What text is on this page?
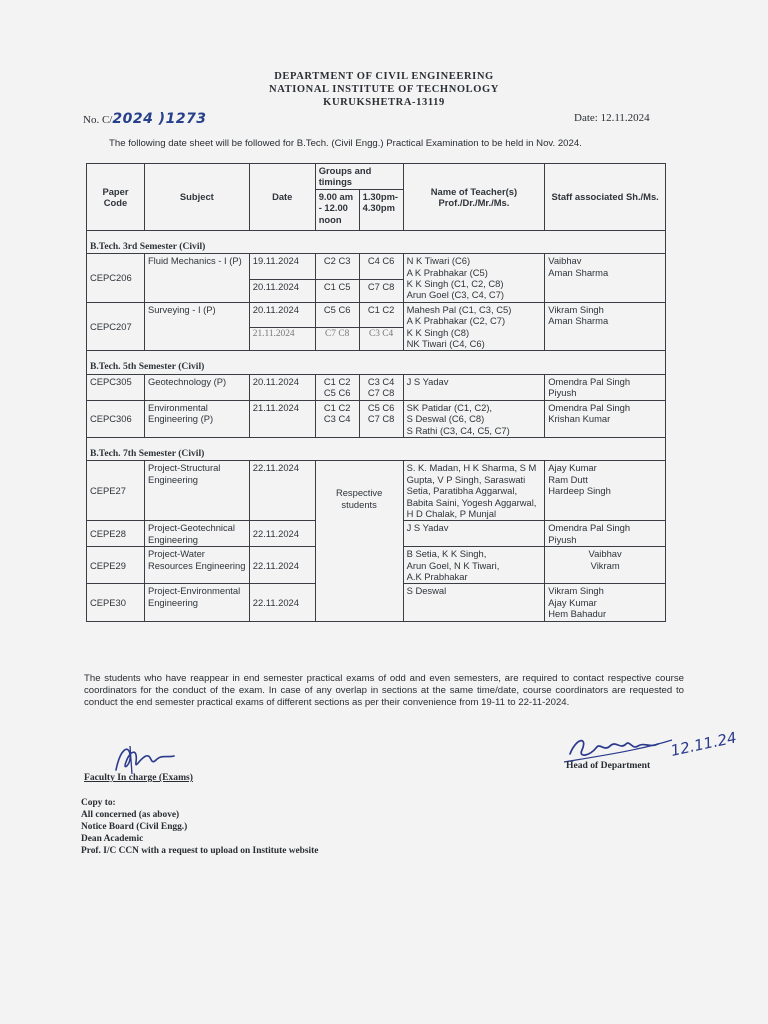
DEPARTMENT OF CIVIL ENGINEERING
NATIONAL INSTITUTE OF TECHNOLOGY
KURUKSHETRA-13119
No. C/2024 )1273	Date: 12.11.2024
The following date sheet will be followed for B.Tech. (Civil Engg.) Practical Examination to be held in Nov. 2024.
Paper Code	Subject	Date	Groups and timings		Name of Teacher(s) Prof./Dr./Mr./Ms.	Staff associated Sh./Ms.
			9.00 am - 12.00 noon	1.30pm-4.30pm		
B.Tech. 3rd Semester (Civil)						
CEPC206	Fluid Mechanics - I (P)	19.11.2024	C2 C3	C4 C6	N K Tiwari (C6)
A K Prabhakar (C5)
K K Singh (C1, C2, C8)
Arun Goel (C3, C4, C7)	Vaibhav
Aman Sharma
		20.11.2024	C1 C5	C7 C8		
CEPC207	Surveying - I (P)	20.11.2024	C5 C6	C1 C2	Mahesh Pal (C1, C3, C5)
A K Prabhakar (C2, C7)
K K Singh (C8)
NK Tiwari (C4, C6)	Vikram Singh
Aman Sharma
		21.11.2024	C7 C8	C3 C4		
B.Tech. 5th Semester (Civil)						
CEPC305	Geotechnology (P)	20.11.2024	C1 C2
C5 C6	C3 C4
C7 C8	J S Yadav	Omendra Pal Singh
Piyush
CEPC306	Environmental Engineering (P)	21.11.2024	C1 C2
C3 C4	C5 C6
C7 C8	SK Patidar (C1, C2),
S Deswal (C6, C8)
S Rathi (C3, C4, C5, C7)	Omendra Pal Singh
Krishan Kumar
B.Tech. 7th Semester (Civil)						
CEPE27	Project-Structural Engineering	22.11.2024	Respective students		S. K. Madan, H K Sharma, S M Gupta, V P Singh, Saraswati Setia, Paratibha Aggarwal, Babita Saini, Yogesh Aggarwal, H D Chalak, P Munjal	Ajay Kumar
Ram Dutt
Hardeep Singh
CEPE28	Project-Geotechnical Engineering	22.11.2024			J S Yadav	Omendra Pal Singh
Piyush
CEPE29	Project-Water Resources Engineering	22.11.2024			B Setia, K K Singh,
Arun Goel, N K Tiwari,
A.K Prabhakar	Vaibhav
Vikram
CEPE30	Project-Environmental Engineering	22.11.2024			S Deswal	Vikram Singh
Ajay Kumar
Hem Bahadur
The students who have reappear in end semester practical exams of odd and even semesters, are required to contact respective course coordinators for the conduct of the exam. In case of any overlap in sections at the same time/date, course coordinators are requested to conduct the end semester practical exams of different sections as per their convenience from 19-11 to 22-11-2024.
12.11.24
Faculty In charge (Exams)
Head of Department
Copy to:
All concerned (as above)
Notice Board (Civil Engg.)
Dean Academic
Prof. I/C CCN with a request to upload on Institute website
